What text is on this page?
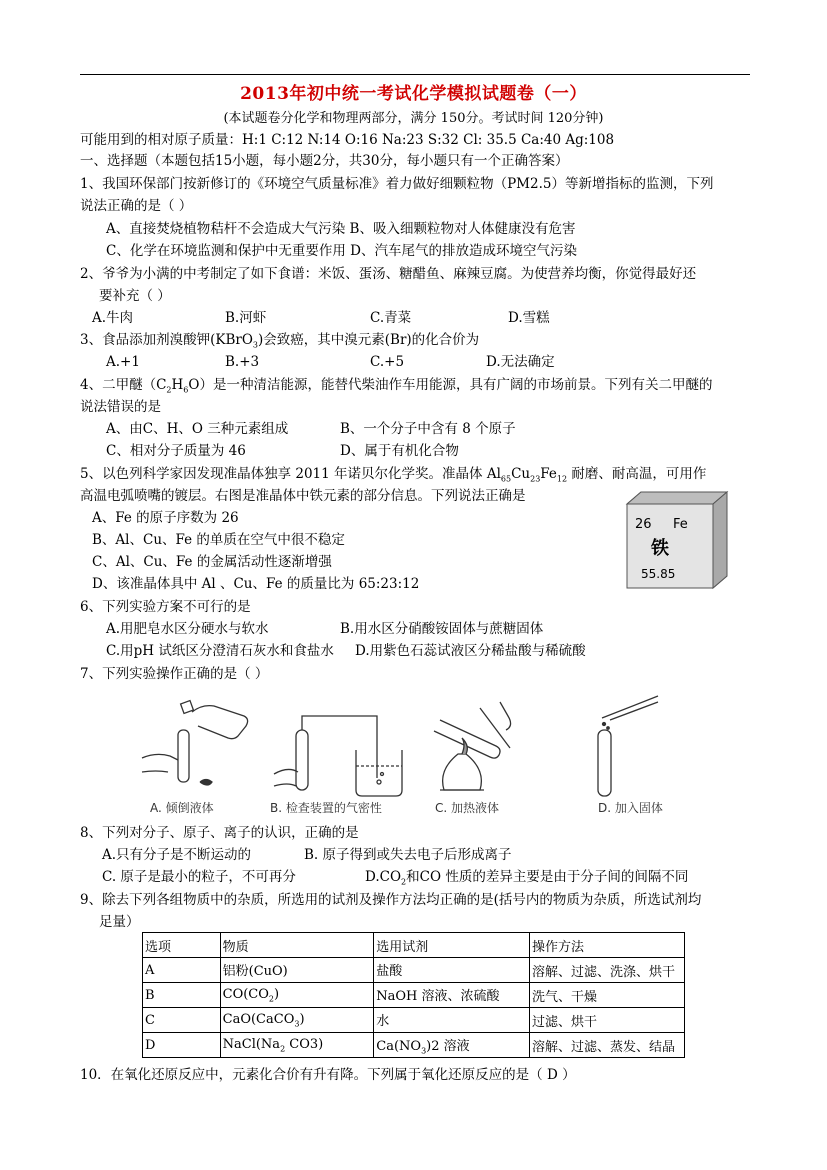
2013年初中统一考试化学模拟试题卷（一）
(本试题卷分化学和物理两部分，满分 150分。考试时间 120分钟)
可能用到的相对原子质量：H:1 C:12 N:14 O:16 Na:23 S:32 Cl: 35.5 Ca:40 Ag:108
一、选择题（本题包括15小题，每小题2分，共30分，每小题只有一个正确答案）
1、我国环保部门按新修订的《环境空气质量标准》着力做好细颗粒物（PM2.5）等新增指标的监测，下列
说法正确的是（ ）
A、直接焚烧植物秸杆不会造成大气污染 B、吸入细颗粒物对人体健康没有危害
C、化学在环境监测和保护中无重要作用 D、汽车尾气的排放造成环境空气污染
2、爷爷为小满的中考制定了如下食谱：米饭、蛋汤、糖醋鱼、麻辣豆腐。为使营养均衡，你觉得最好还
要补充（ ）
A.牛肉	B.河虾	C.青菜	D.雪糕
3、食品添加剂溴酸钾(KBrO$_3$)会致癌，其中溴元素(Br)的化合价为
A.+1	B.+3	C.+5	D.无法确定
4、二甲醚$(C_2H_6O)$是一种清洁能源，能替代柴油作车用能源，具有广阔的市场前景。下列有关二甲醚的
说法错误的是
A、由C、H、O 三种元素组成	B、一个分子中含有 8 个原子
C、相对分子质量为 46	D、属于有机化合物
5、以色列科学家因发现准晶体独享 2011 年诺贝尔化学奖。准晶体 $Al_{65}Cu_{23}Fe_{12}$ 耐磨、耐高温，可用作
高温电弧喷嘴的镀层。右图是准晶体中铁元素的部分信息。下列说法正确是
A、Fe 的原子序数为 26
B、Al、Cu、Fe 的单质在空气中很不稳定
C、Al、Cu、Fe 的金属活动性逐渐增强
D、该准晶体具中 Al 、Cu、Fe 的质量比为 65:23:12
26 Fe
铁
55.85
6、下列实验方案不可行的是
A.用肥皂水区分硬水与软水	B.用水区分硝酸铵固体与蔗糖固体
C.用pH 试纸区分澄清石灰水和食盐水 D.用紫色石蕊试液区分稀盐酸与稀硫酸
7、下列实验操作正确的是（ ）
A. 倾倒液体	B. 检查装置的气密性	C. 加热液体	D. 加入固体
8、下列对分子、原子、离子的认识，正确的是
A.只有分子是不断运动的	B. 原子得到或失去电子后形成离子
C. 原子是最小的粒子，不可再分	$D.CO_2$和CO 性质的差异主要是由于分子间的间隔不同
9、除去下列各组物质中的杂质，所选用的试剂及操作方法均正确的是(括号内的物质为杂质，所选试剂均
足量）
选项	物质	选用试剂	操作方法
A	铝粉(CuO)	盐酸	溶解、过滤、洗涤、烘干
B	$CO(CO_2)$	NaOH 溶液、浓硫酸	洗气、干燥
C	CaO(CaCO$_3$)	水	过滤、烘干
D	$NaCl(Na_2$ CO3)	$Ca(NO_3)2$ 溶液	溶解、过滤、蒸发、结晶
10．在氧化还原反应中，元素化合价有升有降。下列属于氧化还原反应的是（ D ）
